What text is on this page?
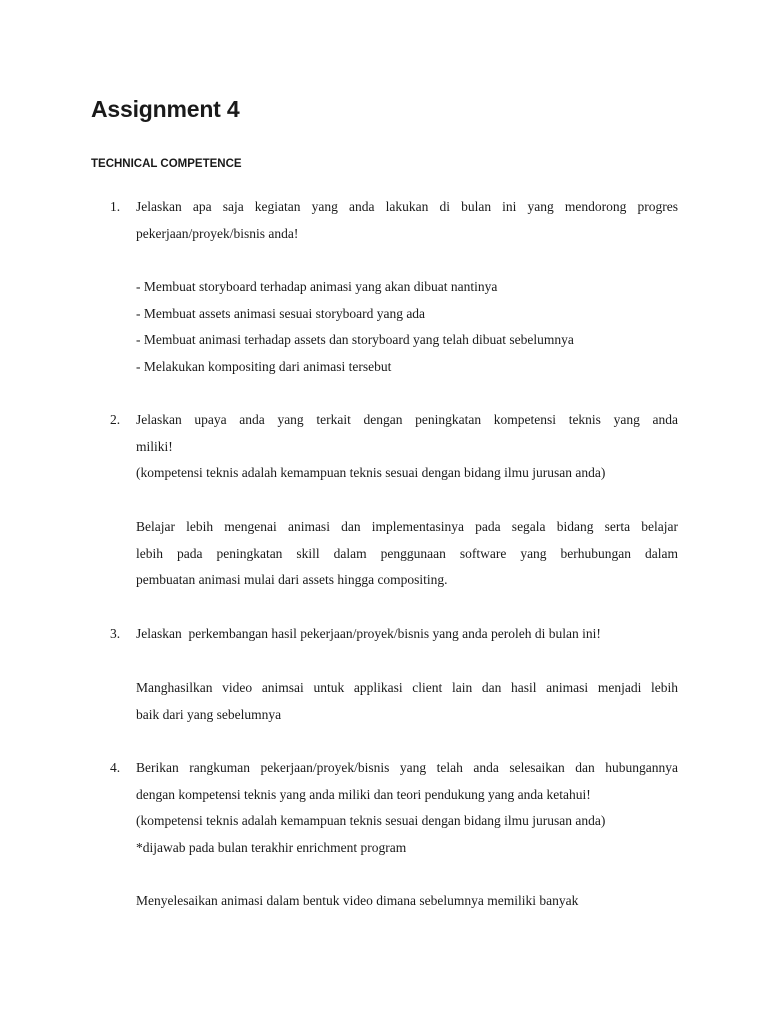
Assignment 4
TECHNICAL COMPETENCE
1.	Jelaskan apa saja kegiatan yang anda lakukan di bulan ini yang mendorong progres
pekerjaan/proyek/bisnis anda!
- Membuat storyboard terhadap animasi yang akan dibuat nantinya
- Membuat assets animasi sesuai storyboard yang ada
- Membuat animasi terhadap assets dan storyboard yang telah dibuat sebelumnya
- Melakukan kompositing dari animasi tersebut
2.	Jelaskan upaya anda yang terkait dengan peningkatan kompetensi teknis yang anda
miliki!
(kompetensi teknis adalah kemampuan teknis sesuai dengan bidang ilmu jurusan anda)
Belajar lebih mengenai animasi dan implementasinya pada segala bidang serta belajar
lebih pada peningkatan skill dalam penggunaan software yang berhubungan dalam
pembuatan animasi mulai dari assets hingga compositing.
3.	Jelaskan  perkembangan hasil pekerjaan/proyek/bisnis yang anda peroleh di bulan ini!
Manghasilkan video animsai untuk applikasi client lain dan hasil animasi menjadi lebih
baik dari yang sebelumnya
4.	Berikan rangkuman pekerjaan/proyek/bisnis yang telah anda selesaikan dan hubungannya
dengan kompetensi teknis yang anda miliki dan teori pendukung yang anda ketahui!
(kompetensi teknis adalah kemampuan teknis sesuai dengan bidang ilmu jurusan anda)
*dijawab pada bulan terakhir enrichment program
Menyelesaikan animasi dalam bentuk video dimana sebelumnya memiliki banyak
